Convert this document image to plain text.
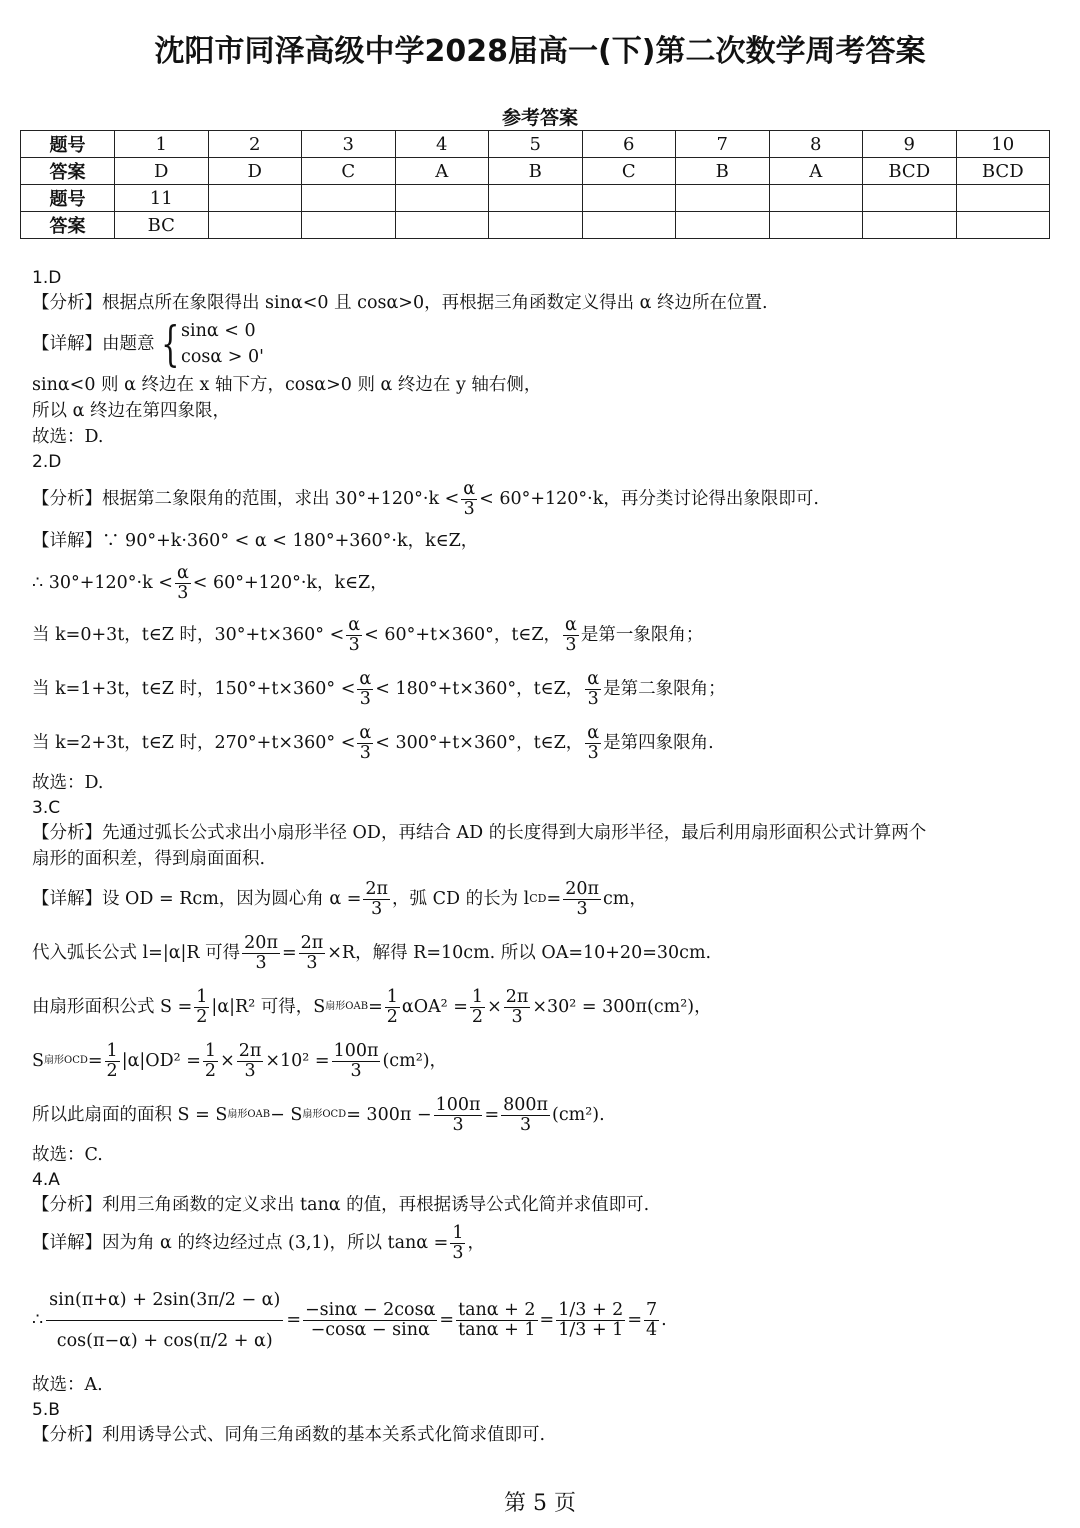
沈阳市同泽高级中学2028届高一(下)第二次数学周考答案
参考答案
题号	1	2	3	4	5	6	7	8	9	10
答案	D	D	C	A	B	C	B	A	BCD	BCD
题号	11									
答案	BC									
1.D
【分析】根据点所在象限得出 sinα<0 且 cosα>0，再根据三角函数定义得出 α 终边所在位置.
【详解】由题意 { sinα < 0
cosα > 0'
sinα<0 则 α 终边在 x 轴下方，cosα>0 则 α 终边在 y 轴右侧，
所以 α 终边在第四象限，
故选：D.
2.D
【分析】根据第二象限角的范围，求出 $30^\circ+120^\circ\cdot k < \frac{\alpha}{3} < 60^\circ+120^\circ\cdot k$，再分类讨论得出象限即可.
【详解】∵ 90°+k·360° < α < 180°+360°·k，k∈Z，
∴ $30^\circ+120^\circ\cdot k < \frac{\alpha}{3} < 60^\circ+120^\circ\cdot k$，k∈Z，
当 k=0+3t，t∈Z 时，$30^\circ+t\times 360^\circ < \frac{\alpha}{3} < 60^\circ+t\times 360^\circ$，t∈Z， $\frac{\alpha}{3}$ 是第一象限角；
当 k=1+3t，t∈Z 时，$150^\circ+t\times 360^\circ < \frac{\alpha}{3} < 180^\circ+t\times 360^\circ$，t∈Z， $\frac{\alpha}{3}$ 是第二象限角；
当 k=2+3t，t∈Z 时，$270^\circ+t\times 360^\circ < \frac{\alpha}{3} < 300^\circ+t\times 360^\circ$，t∈Z， $\frac{\alpha}{3}$ 是第四象限角.
故选：D.
3.C
【分析】先通过弧长公式求出小扇形半径 OD，再结合 AD 的长度得到大扇形半径，最后利用扇形面积公式计算两个
扇形的面积差，得到扇面面积.
【详解】设 OD = Rcm，因为圆心角 $\alpha = \frac{2\pi}{3}$ ，弧 CD 的长为 l CD = $\frac{20\pi}{3}$ cm，
代入弧长公式 l=|α|R 可得 $\frac{20\pi}{3} = \frac{2\pi}{3} \times R$，解得 R=10cm. 所以 OA=10+20=30cm.
由扇形面积公式 $S = \frac{1}{2} |\alpha|R^2$ 可得，S 扇形OAB = $\frac{1}{2} \alpha OA^2 = \frac{1}{2} \times \frac{2\pi}{3} \times 30^2 = 300\pi(cm^2)$，
S 扇形OCD = $\frac{1}{2} |\alpha|OD^2 = \frac{1}{2} \times \frac{2\pi}{3} \times 10^2 = \frac{100\pi}{3} (cm^2)$，
所以此扇面的面积 S = S 扇形OAB − S 扇形OCD = $300\pi - \frac{100\pi}{3} = \frac{800\pi}{3} (cm^2)$.
故选：C.
4.A
【分析】利用三角函数的定义求出 tanα 的值，再根据诱导公式化简并求值即可.
【详解】因为角 α 的终边经过点 (3,1)，所以 $\tan\alpha = \frac{1}{3}$ ，
∴ $\frac{\sin(\pi+\alpha) + 2\sin(3\pi/2 - \alpha)}{\cos(\pi-\alpha) + \cos(\pi/2 + \alpha)} = \frac{-\sin\alpha - 2\cos\alpha}{-\cos\alpha - \sin\alpha} = \frac{\tan\alpha + 2}{\tan\alpha + 1} = \frac{1/3 + 2}{1/3 + 1} = \frac{7}{4}$ .
故选：A.
5.B
【分析】利用诱导公式、同角三角函数的基本关系式化简求值即可.
第 5 页
